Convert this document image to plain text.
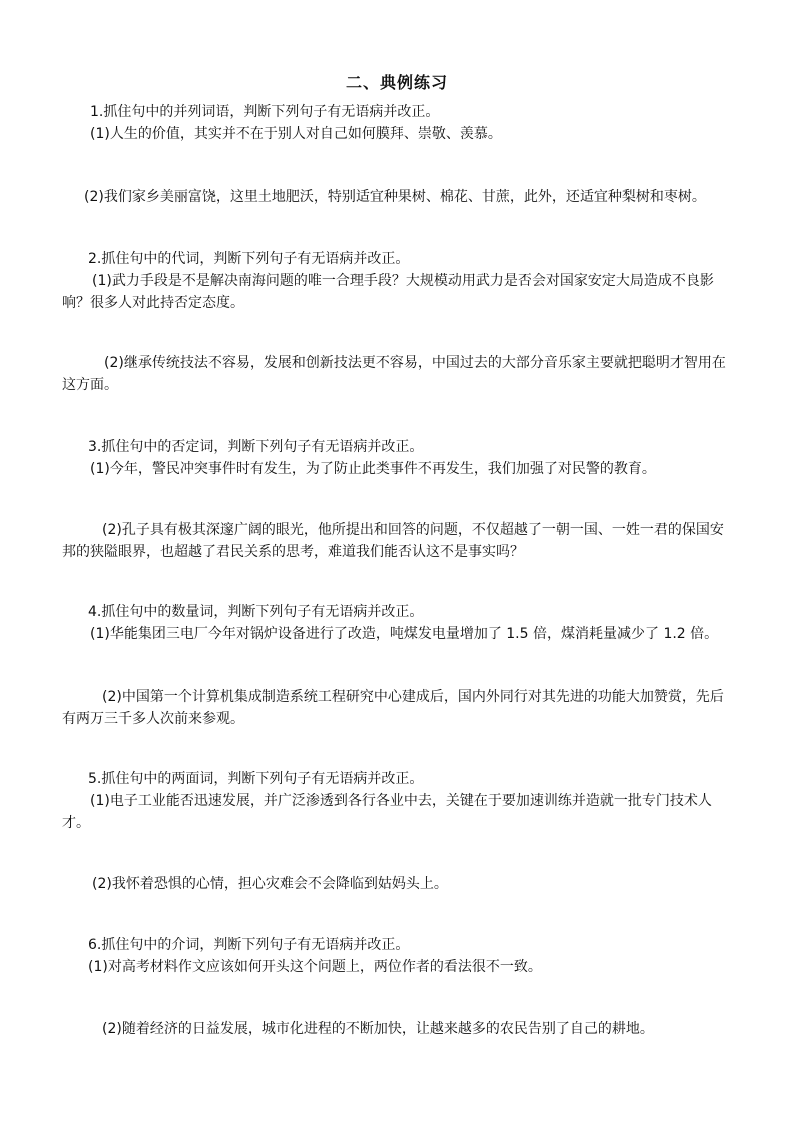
二、典例练习
1.抓住句中的并列词语，判断下列句子有无语病并改正。
(1)人生的价值，其实并不在于别人对自己如何膜拜、崇敬、羡慕。
(2)我们家乡美丽富饶，这里土地肥沃，特别适宜种果树、棉花、甘蔗，此外，还适宜种梨树和枣树。
2.抓住句中的代词，判断下列句子有无语病并改正。
(1)武力手段是不是解决南海问题的唯一合理手段？大规模动用武力是否会对国家安定大局造成不良影响？很多人对此持否定态度。
(2)继承传统技法不容易，发展和创新技法更不容易，中国过去的大部分音乐家主要就把聪明才智用在这方面。
3.抓住句中的否定词，判断下列句子有无语病并改正。
(1)今年，警民冲突事件时有发生，为了防止此类事件不再发生，我们加强了对民警的教育。
(2)孔子具有极其深邃广阔的眼光，他所提出和回答的问题，不仅超越了一朝一国、一姓一君的保国安邦的狭隘眼界，也超越了君民关系的思考，难道我们能否认这不是事实吗？
4.抓住句中的数量词，判断下列句子有无语病并改正。
(1)华能集团三电厂今年对锅炉设备进行了改造，吨煤发电量增加了 1.5 倍，煤消耗量减少了 1.2 倍。
(2)中国第一个计算机集成制造系统工程研究中心建成后，国内外同行对其先进的功能大加赞赏，先后有两万三千多人次前来参观。
5.抓住句中的两面词，判断下列句子有无语病并改正。
(1)电子工业能否迅速发展，并广泛渗透到各行各业中去，关键在于要加速训练并造就一批专门技术人才。
(2)我怀着恐惧的心情，担心灾难会不会降临到姑妈头上。
6.抓住句中的介词，判断下列句子有无语病并改正。
(1)对高考材料作文应该如何开头这个问题上，两位作者的看法很不一致。
(2)随着经济的日益发展，城市化进程的不断加快，让越来越多的农民告别了自己的耕地。
